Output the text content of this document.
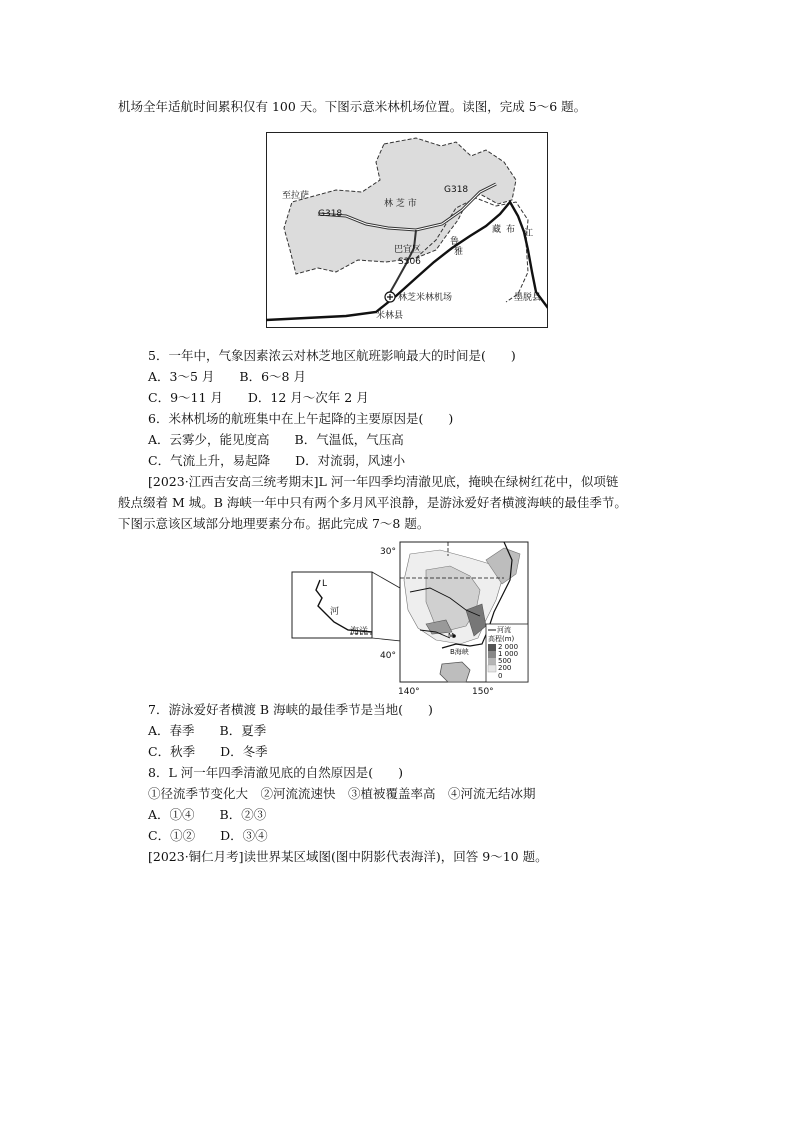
机场全年适航时间累积仅有 100 天。下图示意米林机场位置。读图，完成 5～6 题。
至拉萨
G318
G318
林 芝 市
巴宜区
S306
雅
鲁
藏 布 江
林芝米林机场
米林县
墨脱县
5．一年中，气象因素浓云对林芝地区航班影响最大的时间是(　　)
A．3～5 月　　B．6～8 月
C．9～11 月　　D．12 月～次年 2 月
6．米林机场的航班集中在上午起降的主要原因是(　　)
A．云雾少，能见度高　　B．气温低，气压高
C．气流上升，易起降　　D．对流弱，风速小
[2023·江西吉安高三统考期末]L 河一年四季均清澈见底，掩映在绿树红花中，似项链
般点缀着 M 城。B 海峡一年中只有两个多月风平浪静，是游泳爱好者横渡海峡的最佳季节。
下图示意该区域部分地理要素分布。据此完成 7～8 题。
L
河
海洋	M
B海峡
河流
高程(m)
2 000
1 000
500
200
0
30°
40°
140°	150°
7．游泳爱好者横渡 B 海峡的最佳季节是当地(　　)
A．春季　　B．夏季
C．秋季　　D．冬季
8．L 河一年四季清澈见底的自然原因是(　　)
①径流季节变化大　②河流流速快　③植被覆盖率高　④河流无结冰期
A．①④　　B．②③
C．①②　　D．③④
[2023·铜仁月考]读世界某区域图(图中阴影代表海洋)，回答 9～10 题。
